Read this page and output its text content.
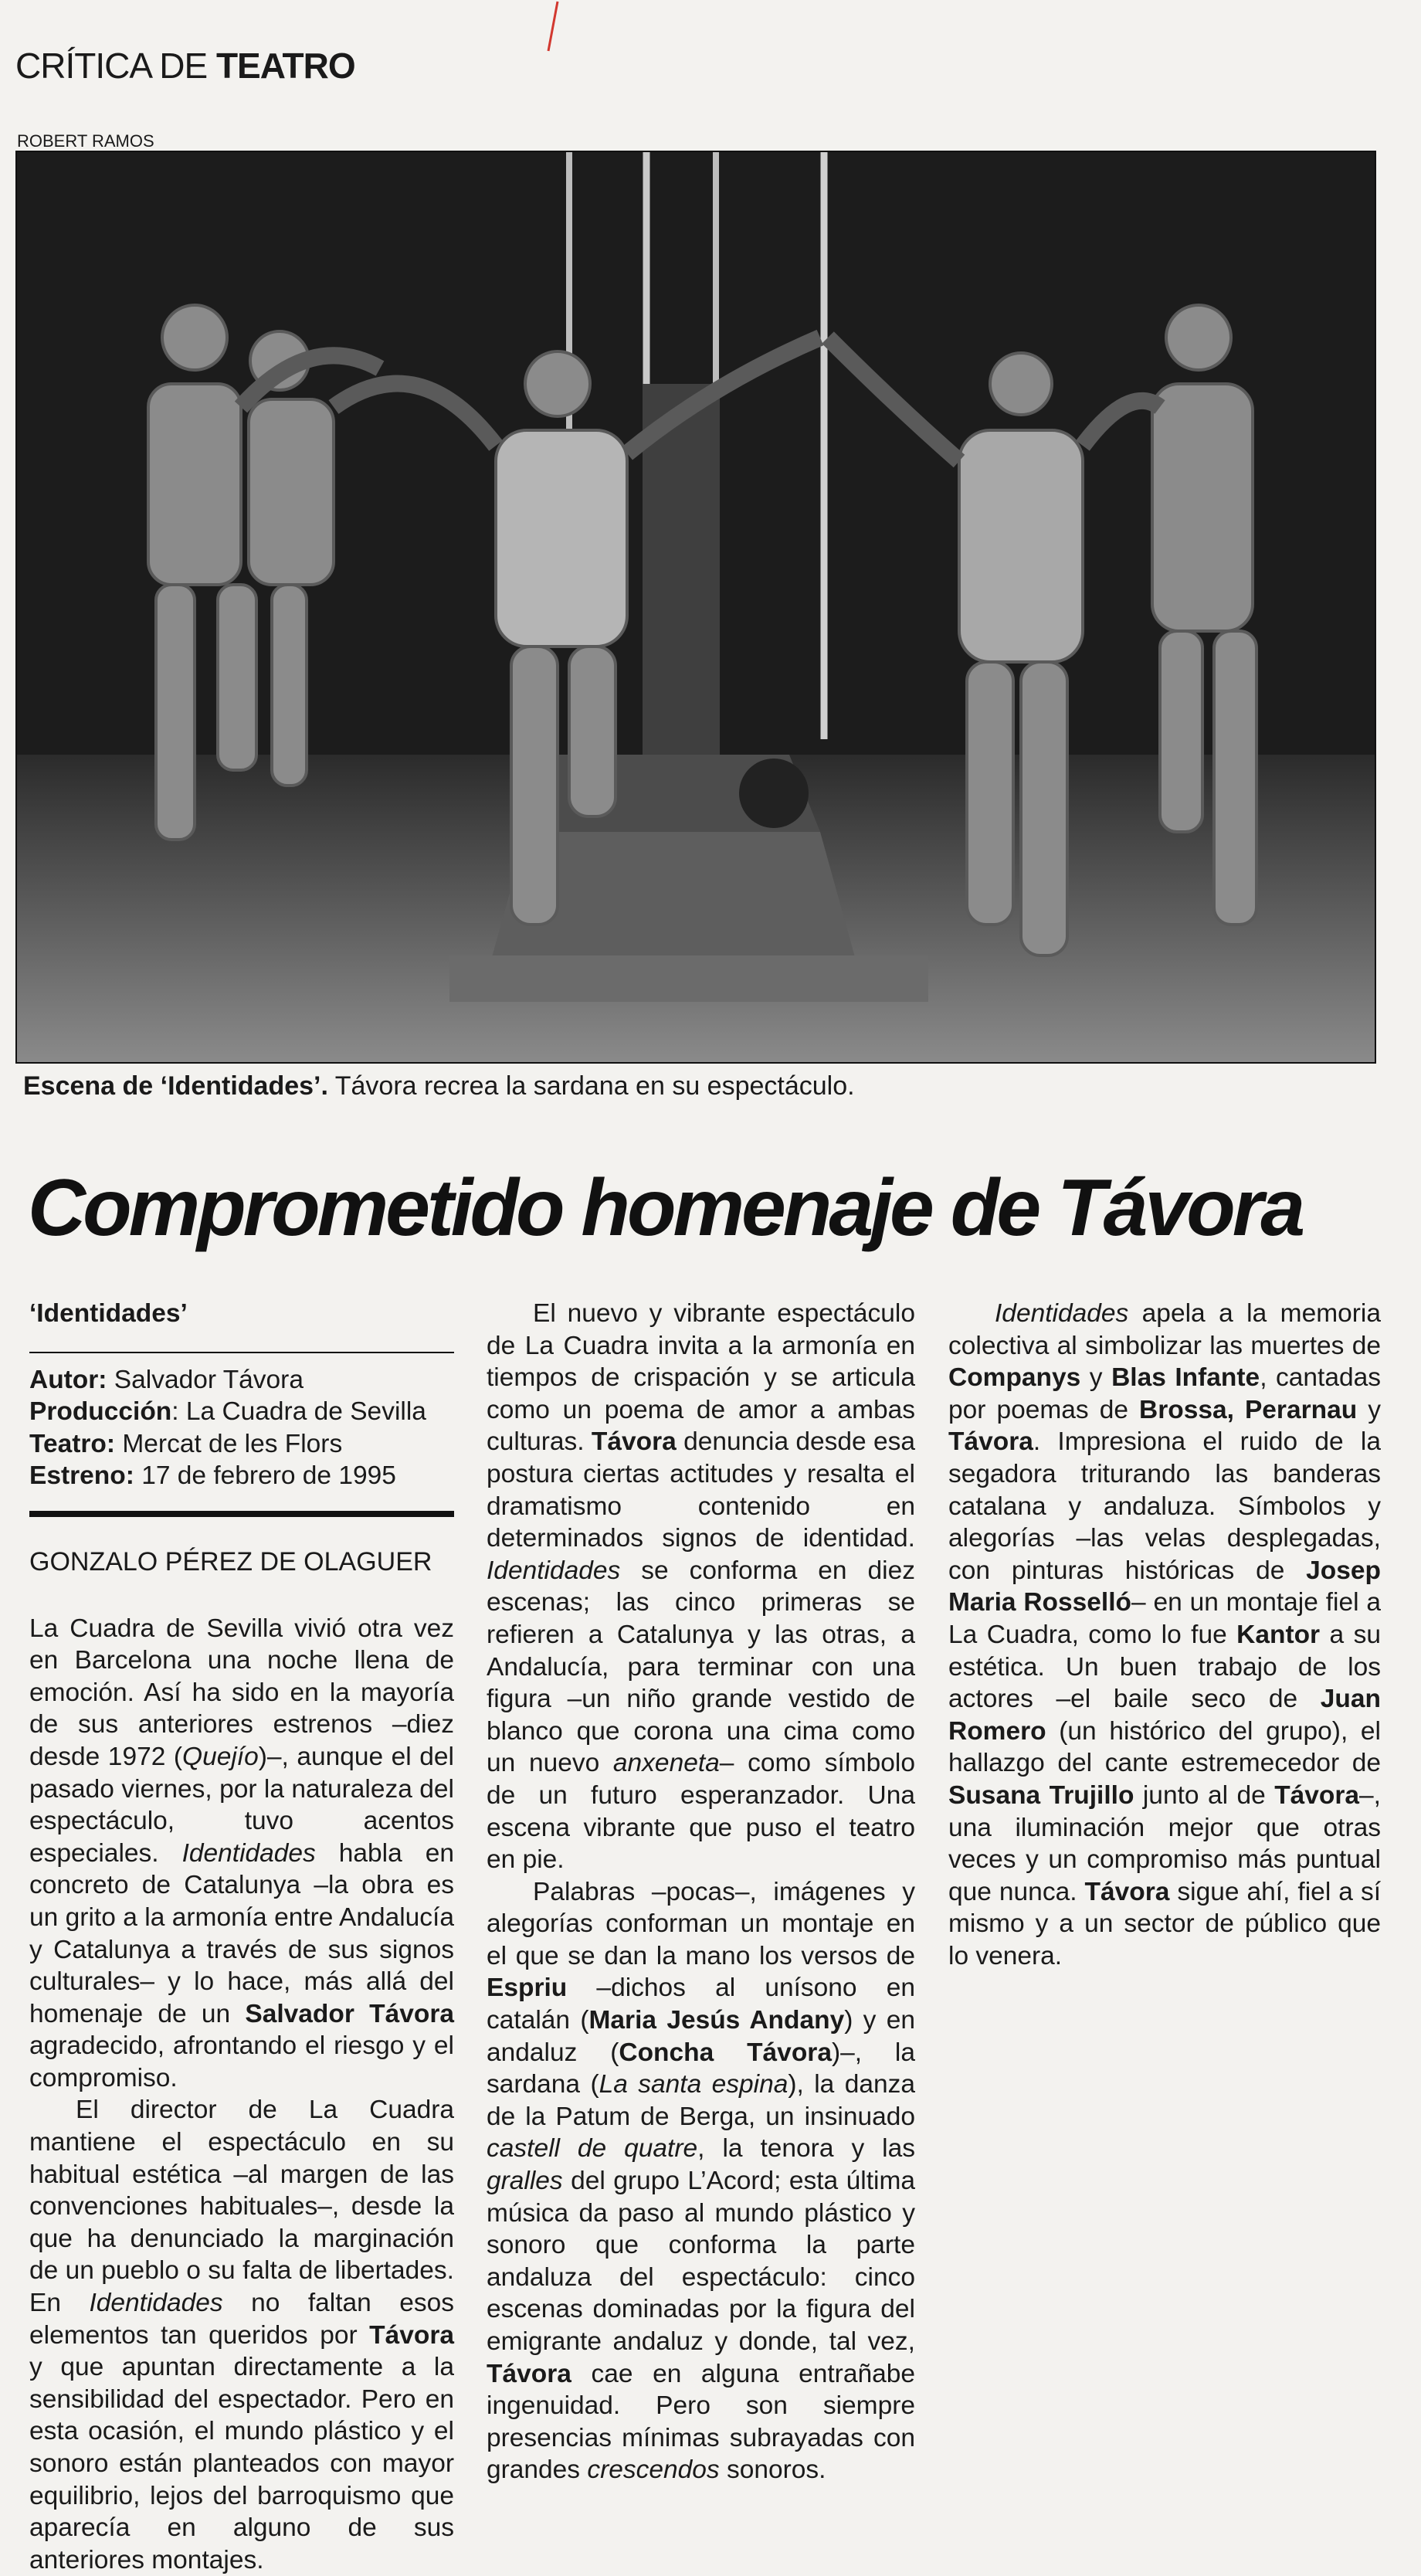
CRÍTICA DE TEATRO
ROBERT RAMOS
Escena de ‘Identidades’. Távora recrea la sardana en su espectáculo.
Comprometido homenaje de Távora
‘Identidades’
Autor: Salvador Távora
Producción: La Cuadra de Sevilla
Teatro: Mercat de les Flors
Estreno: 17 de febrero de 1995
GONZALO PÉREZ DE OLAGUER

La Cuadra de Sevilla vivió otra vez en Barcelona una noche llena de emoción. Así ha sido en la mayoría de sus anteriores estrenos –diez desde 1972 (Quejío)–, aunque el del pasado viernes, por la naturaleza del espectáculo, tuvo acentos especiales. Identidades habla en concreto de Catalunya –la obra es un grito a la armonía entre Andalucía y Catalunya a través de sus signos culturales– y lo hace, más allá del homenaje de un Salvador Távora agradecido, afrontando el riesgo y el compromiso.

El director de La Cuadra mantiene el espectáculo en su habitual estética –al margen de las convenciones habituales–, desde la que ha denunciado la marginación de un pueblo o su falta de libertades. En Identidades no faltan esos elementos tan queridos por Távora y que apuntan directamente a la sensibilidad del espectador. Pero en esta ocasión, el mundo plástico y el sonoro están planteados con mayor equilibrio, lejos del barroquismo que aparecía en alguno de sus anteriores montajes.

El nuevo y vibrante espectáculo de La Cuadra invita a la armonía en tiempos de crispación y se articula como un poema de amor a ambas culturas. Távora denuncia desde esa postura ciertas actitudes y resalta el dramatismo contenido en determinados signos de identidad. Identidades se conforma en diez escenas; las cinco primeras se refieren a Catalunya y las otras, a Andalucía, para terminar con una figura –un niño grande vestido de blanco que corona una cima como un nuevo anxeneta– como símbolo de un futuro esperanzador. Una escena vibrante que puso el teatro en pie.

Palabras –pocas–, imágenes y alegorías conforman un montaje en el que se dan la mano los versos de Espriu –dichos al unísono en catalán (Maria Jesús Andany) y en andaluz (Concha Távora)–, la sardana (La santa espina), la danza de la Patum de Berga, un insinuado castell de quatre, la tenora y las gralles del grupo L’Acord; esta última música da paso al mundo plástico y sonoro que conforma la parte andaluza del espectáculo: cinco escenas dominadas por la figura del emigrante andaluz y donde, tal vez, Távora cae en alguna entrañabe ingenuidad. Pero son siempre presencias mínimas subrayadas con grandes crescendos sonoros.

Identidades apela a la memoria colectiva al simbolizar las muertes de Companys y Blas Infante, cantadas por poemas de Brossa, Perarnau y Távora. Impresiona el ruido de la segadora triturando las banderas catalana y andaluza. Símbolos y alegorías –las velas desplegadas, con pinturas históricas de Josep Maria Rosselló– en un montaje fiel a La Cuadra, como lo fue Kantor a su estética. Un buen trabajo de los actores –el baile seco de Juan Romero (un histórico del grupo), el hallazgo del cante estremecedor de Susana Trujillo junto al de Távora–, una iluminación mejor que otras veces y un compromiso más puntual que nunca. Távora sigue ahí, fiel a sí mismo y a un sector de público que lo venera.
